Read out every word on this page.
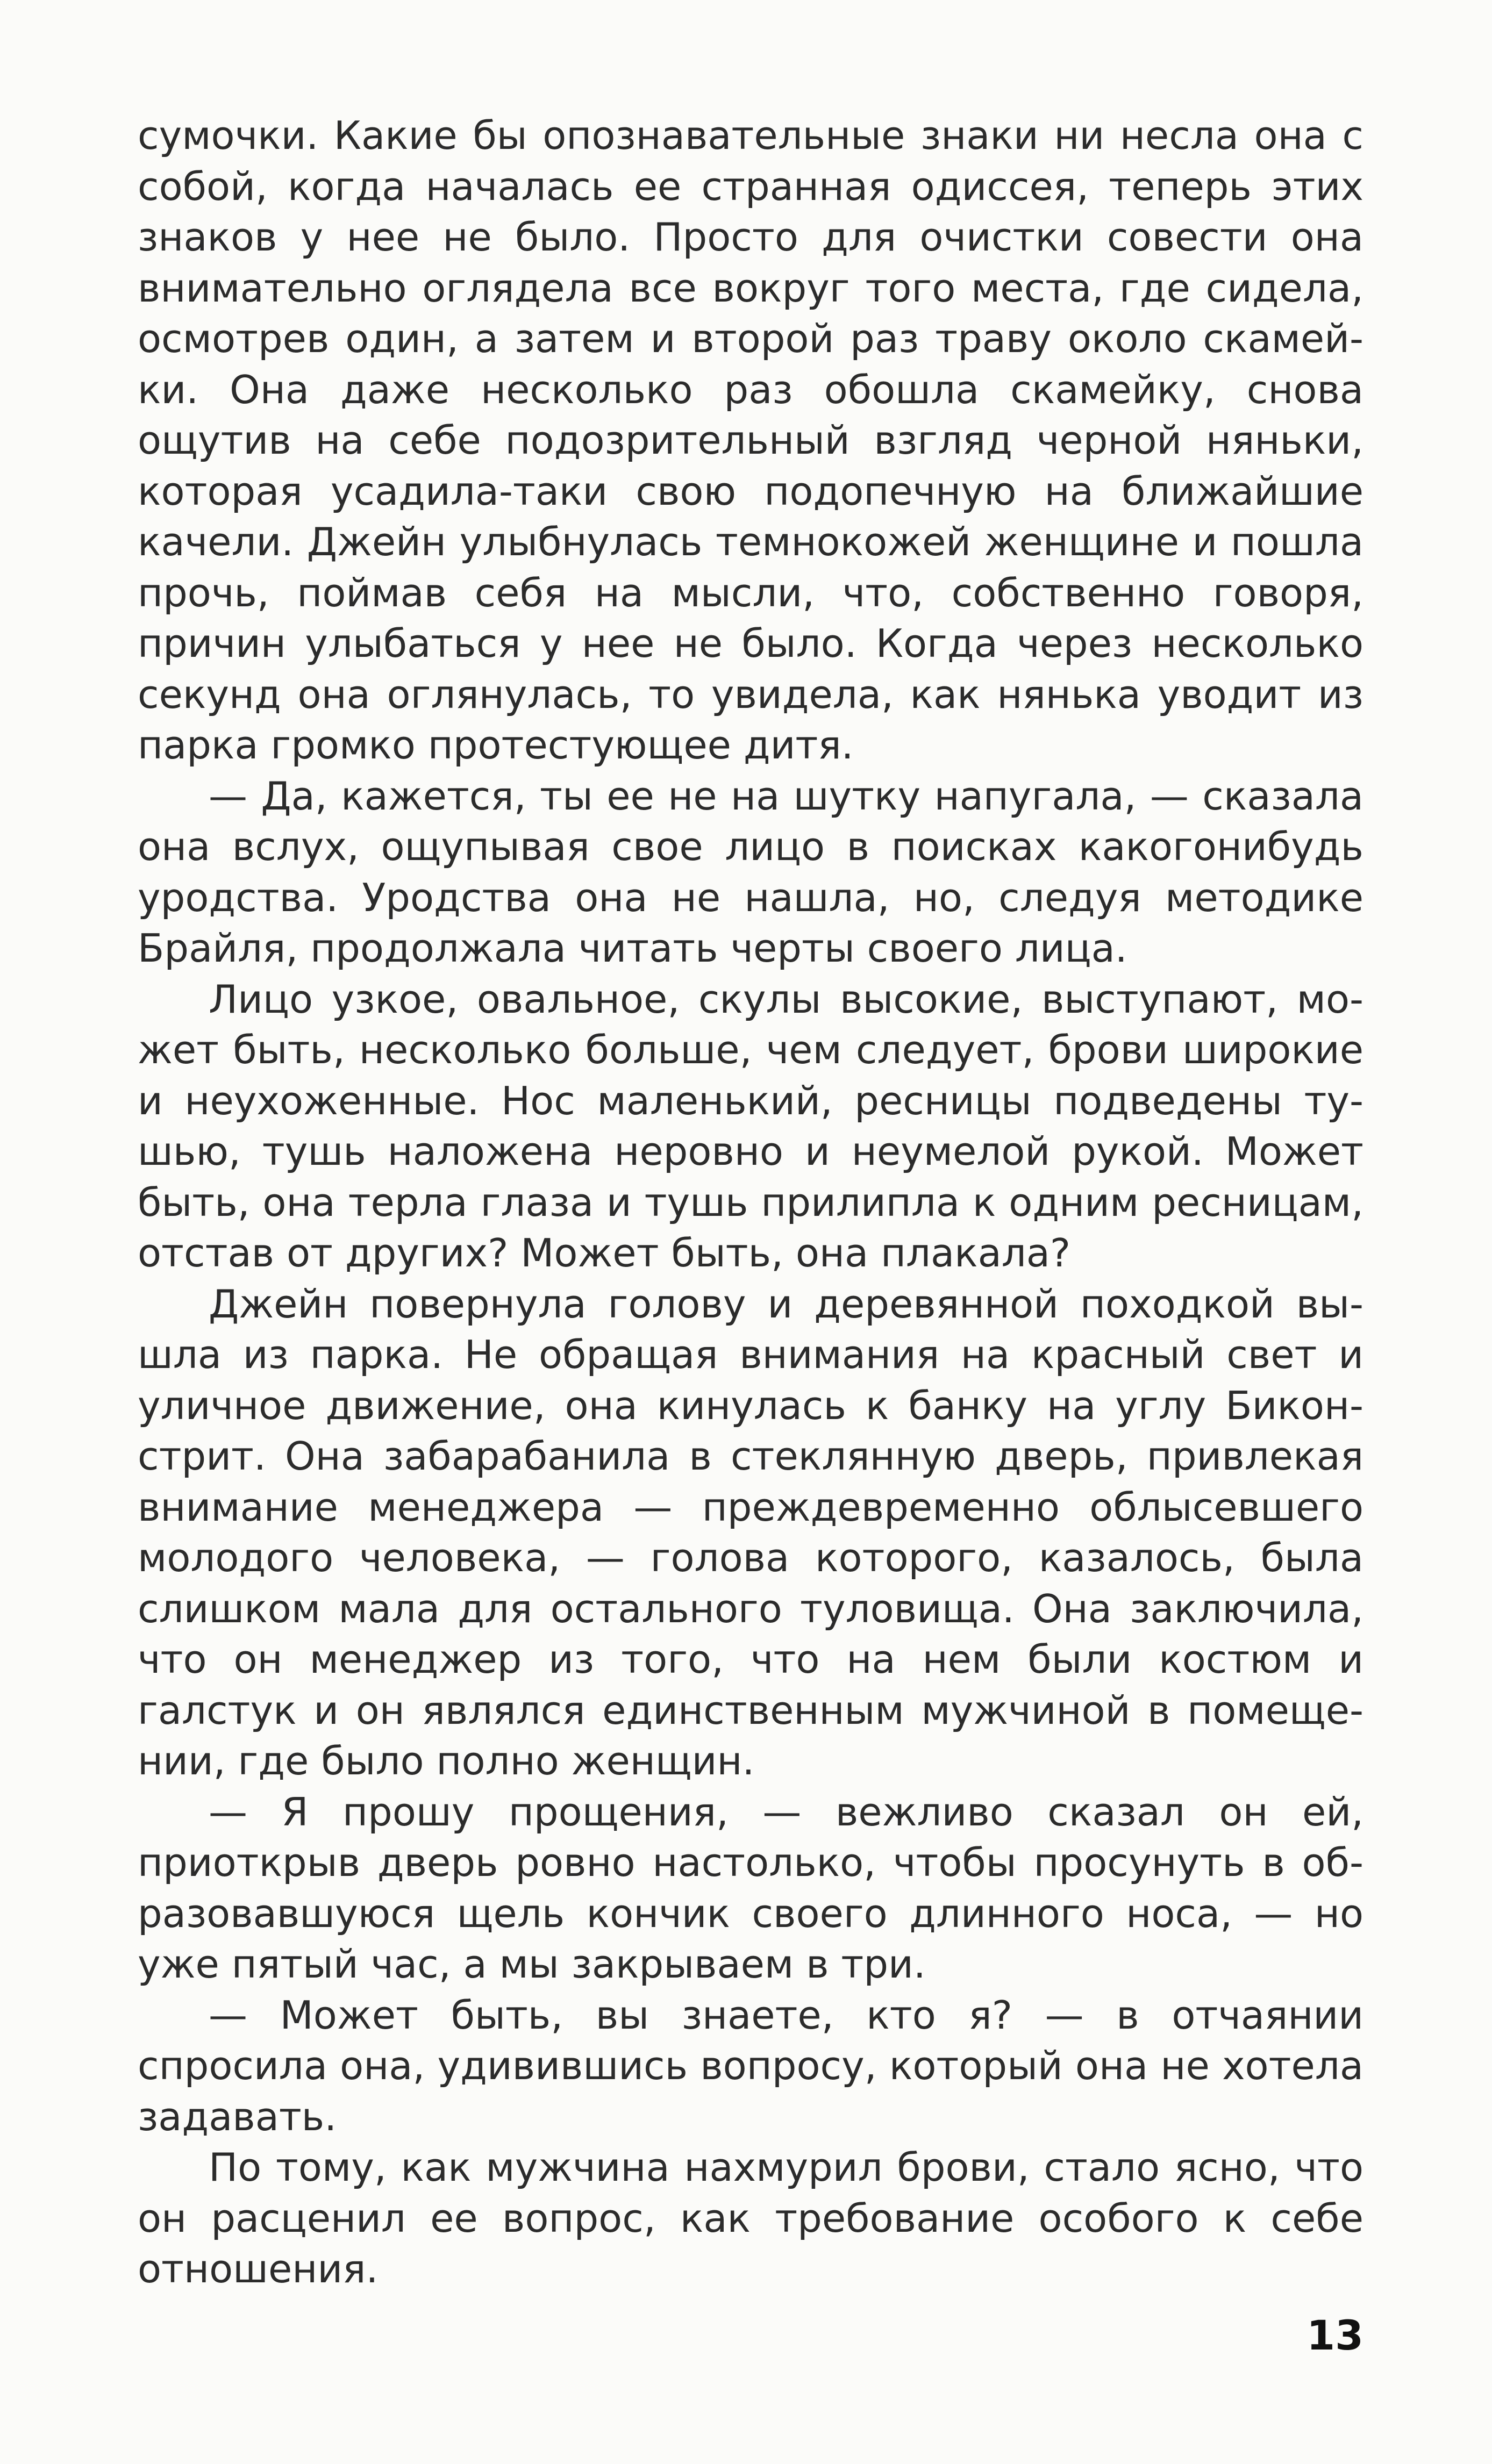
сумочки. Какие бы опознавательные знаки ни несла она с собой, когда началась ее странная одиссея, теперь этих знаков у нее не было. Просто для очистки совести она внимательно оглядела все вокруг того места, где сидела, осмотрев один, а затем и второй раз траву около скамейки. Она даже несколько раз обошла скамейку, снова ощутив на себе подозрительный взгляд черной няньки, которая усадила-таки свою подопечную на ближайшие качели. Джейн улыбнулась темнокожей женщине и пошла прочь, поймав себя на мысли, что, собственно говоря, причин улыбаться у нее не было. Когда через несколько секунд она оглянулась, то увидела, как нянька уводит из парка громко протестующее дитя.

— Да, кажется, ты ее не на шутку напугала, — сказала она вслух, ощупывая свое лицо в поисках какогонибудь уродства. Уродства она не нашла, но, следуя методике Брайля, продолжала читать черты своего лица.

Лицо узкое, овальное, скулы высокие, выступают, может быть, несколько больше, чем следует, брови широкие и неухоженные. Нос маленький, ресницы подведены тушью, тушь наложена неровно и неумелой рукой. Может быть, она терла глаза и тушь прилипла к одним ресницам, отстав от других? Может быть, она плакала?

Джейн повернула голову и деревянной походкой вышла из парка. Не обращая внимания на красный свет и уличное движение, она кинулась к банку на углу Биконстрит. Она забарабанила в стеклянную дверь, привлекая внимание менеджера — преждевременно облысевшего молодого человека, — голова которого, казалось, была слишком мала для остального туловища. Она заключила, что он менеджер из того, что на нем были костюм и галстук и он являлся единственным мужчиной в помещении, где было полно женщин.

— Я прошу прощения, — вежливо сказал он ей, приоткрыв дверь ровно настолько, чтобы просунуть в образовавшуюся щель кончик своего длинного носа, — но уже пятый час, а мы закрываем в три.

— Может быть, вы знаете, кто я? — в отчаянии спросила она, удивившись вопросу, который она не хотела задавать.

По тому, как мужчина нахмурил брови, стало ясно, что он расценил ее вопрос, как требование особого к себе отношения.

13
